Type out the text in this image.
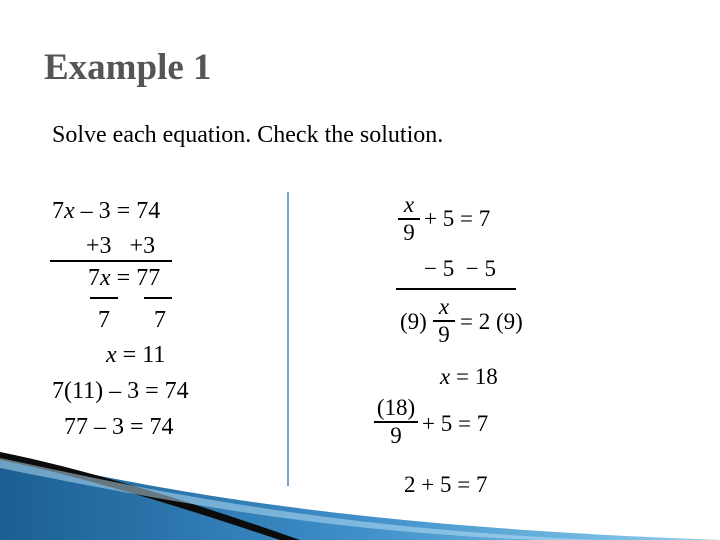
Example 1
Solve each equation. Check the solution.
7x – 3 = 74
+3   +3
7x = 77
7 7
x = 11
7(11) – 3 = 74
77 – 3 = 74
x
9
+ 5 = 7
− 5  − 5
(9)
x
9 = 2 (9)
x = 18
(18)
9 + 5 = 7
2 + 5 = 7
